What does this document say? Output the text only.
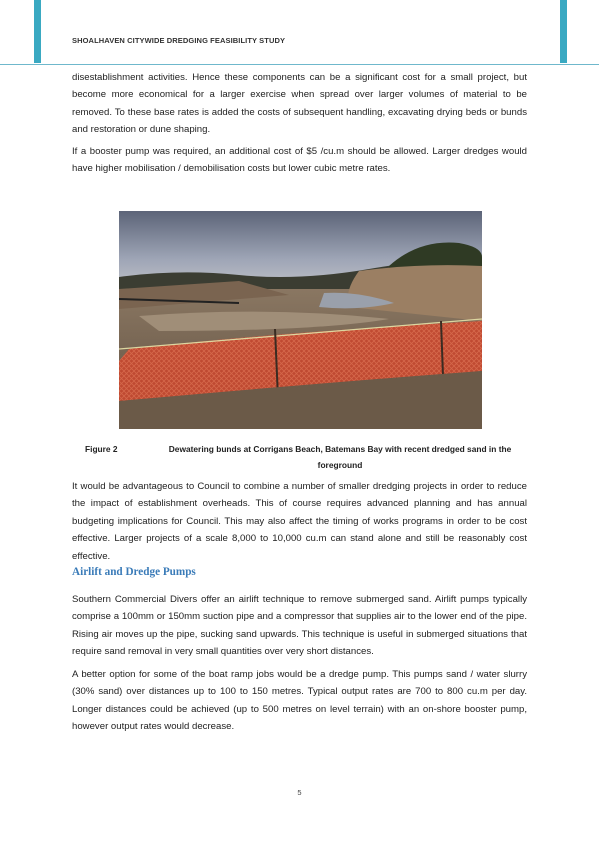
SHOALHAVEN CITYWIDE DREDGING FEASIBILITY STUDY
disestablishment activities. Hence these components can be a significant cost for a small project, but become more economical for a larger exercise when spread over larger volumes of material to be removed. To these base rates is added the costs of subsequent handling, excavating drying beds or bunds and restoration or dune shaping.
If a booster pump was required, an additional cost of $5 /cu.m should be allowed. Larger dredges would have higher mobilisation / demobilisation costs but lower cubic metre rates.
Figure 2	Dewatering bunds at Corrigans Beach, Batemans Bay with recent dredged sand in the foreground
It would be advantageous to Council to combine a number of smaller dredging projects in order to reduce the impact of establishment overheads. This of course requires advanced planning and has annual budgeting implications for Council. This may also affect the timing of works programs in order to be cost effective. Larger projects of a scale 8,000 to 10,000 cu.m can stand alone and still be reasonably cost effective.
Airlift and Dredge Pumps
Southern Commercial Divers offer an airlift technique to remove submerged sand. Airlift pumps typically comprise a 100mm or 150mm suction pipe and a compressor that supplies air to the lower end of the pipe. Rising air moves up the pipe, sucking sand upwards. This technique is useful in submerged situations that require sand removal in very small quantities over very short distances.
A better option for some of the boat ramp jobs would be a dredge pump. This pumps sand / water slurry (30% sand) over distances up to 100 to 150 metres. Typical output rates are 700 to 800 cu.m per day. Longer distances could be achieved (up to 500 metres on level terrain) with an on-shore booster pump, however output rates would decrease.
5
